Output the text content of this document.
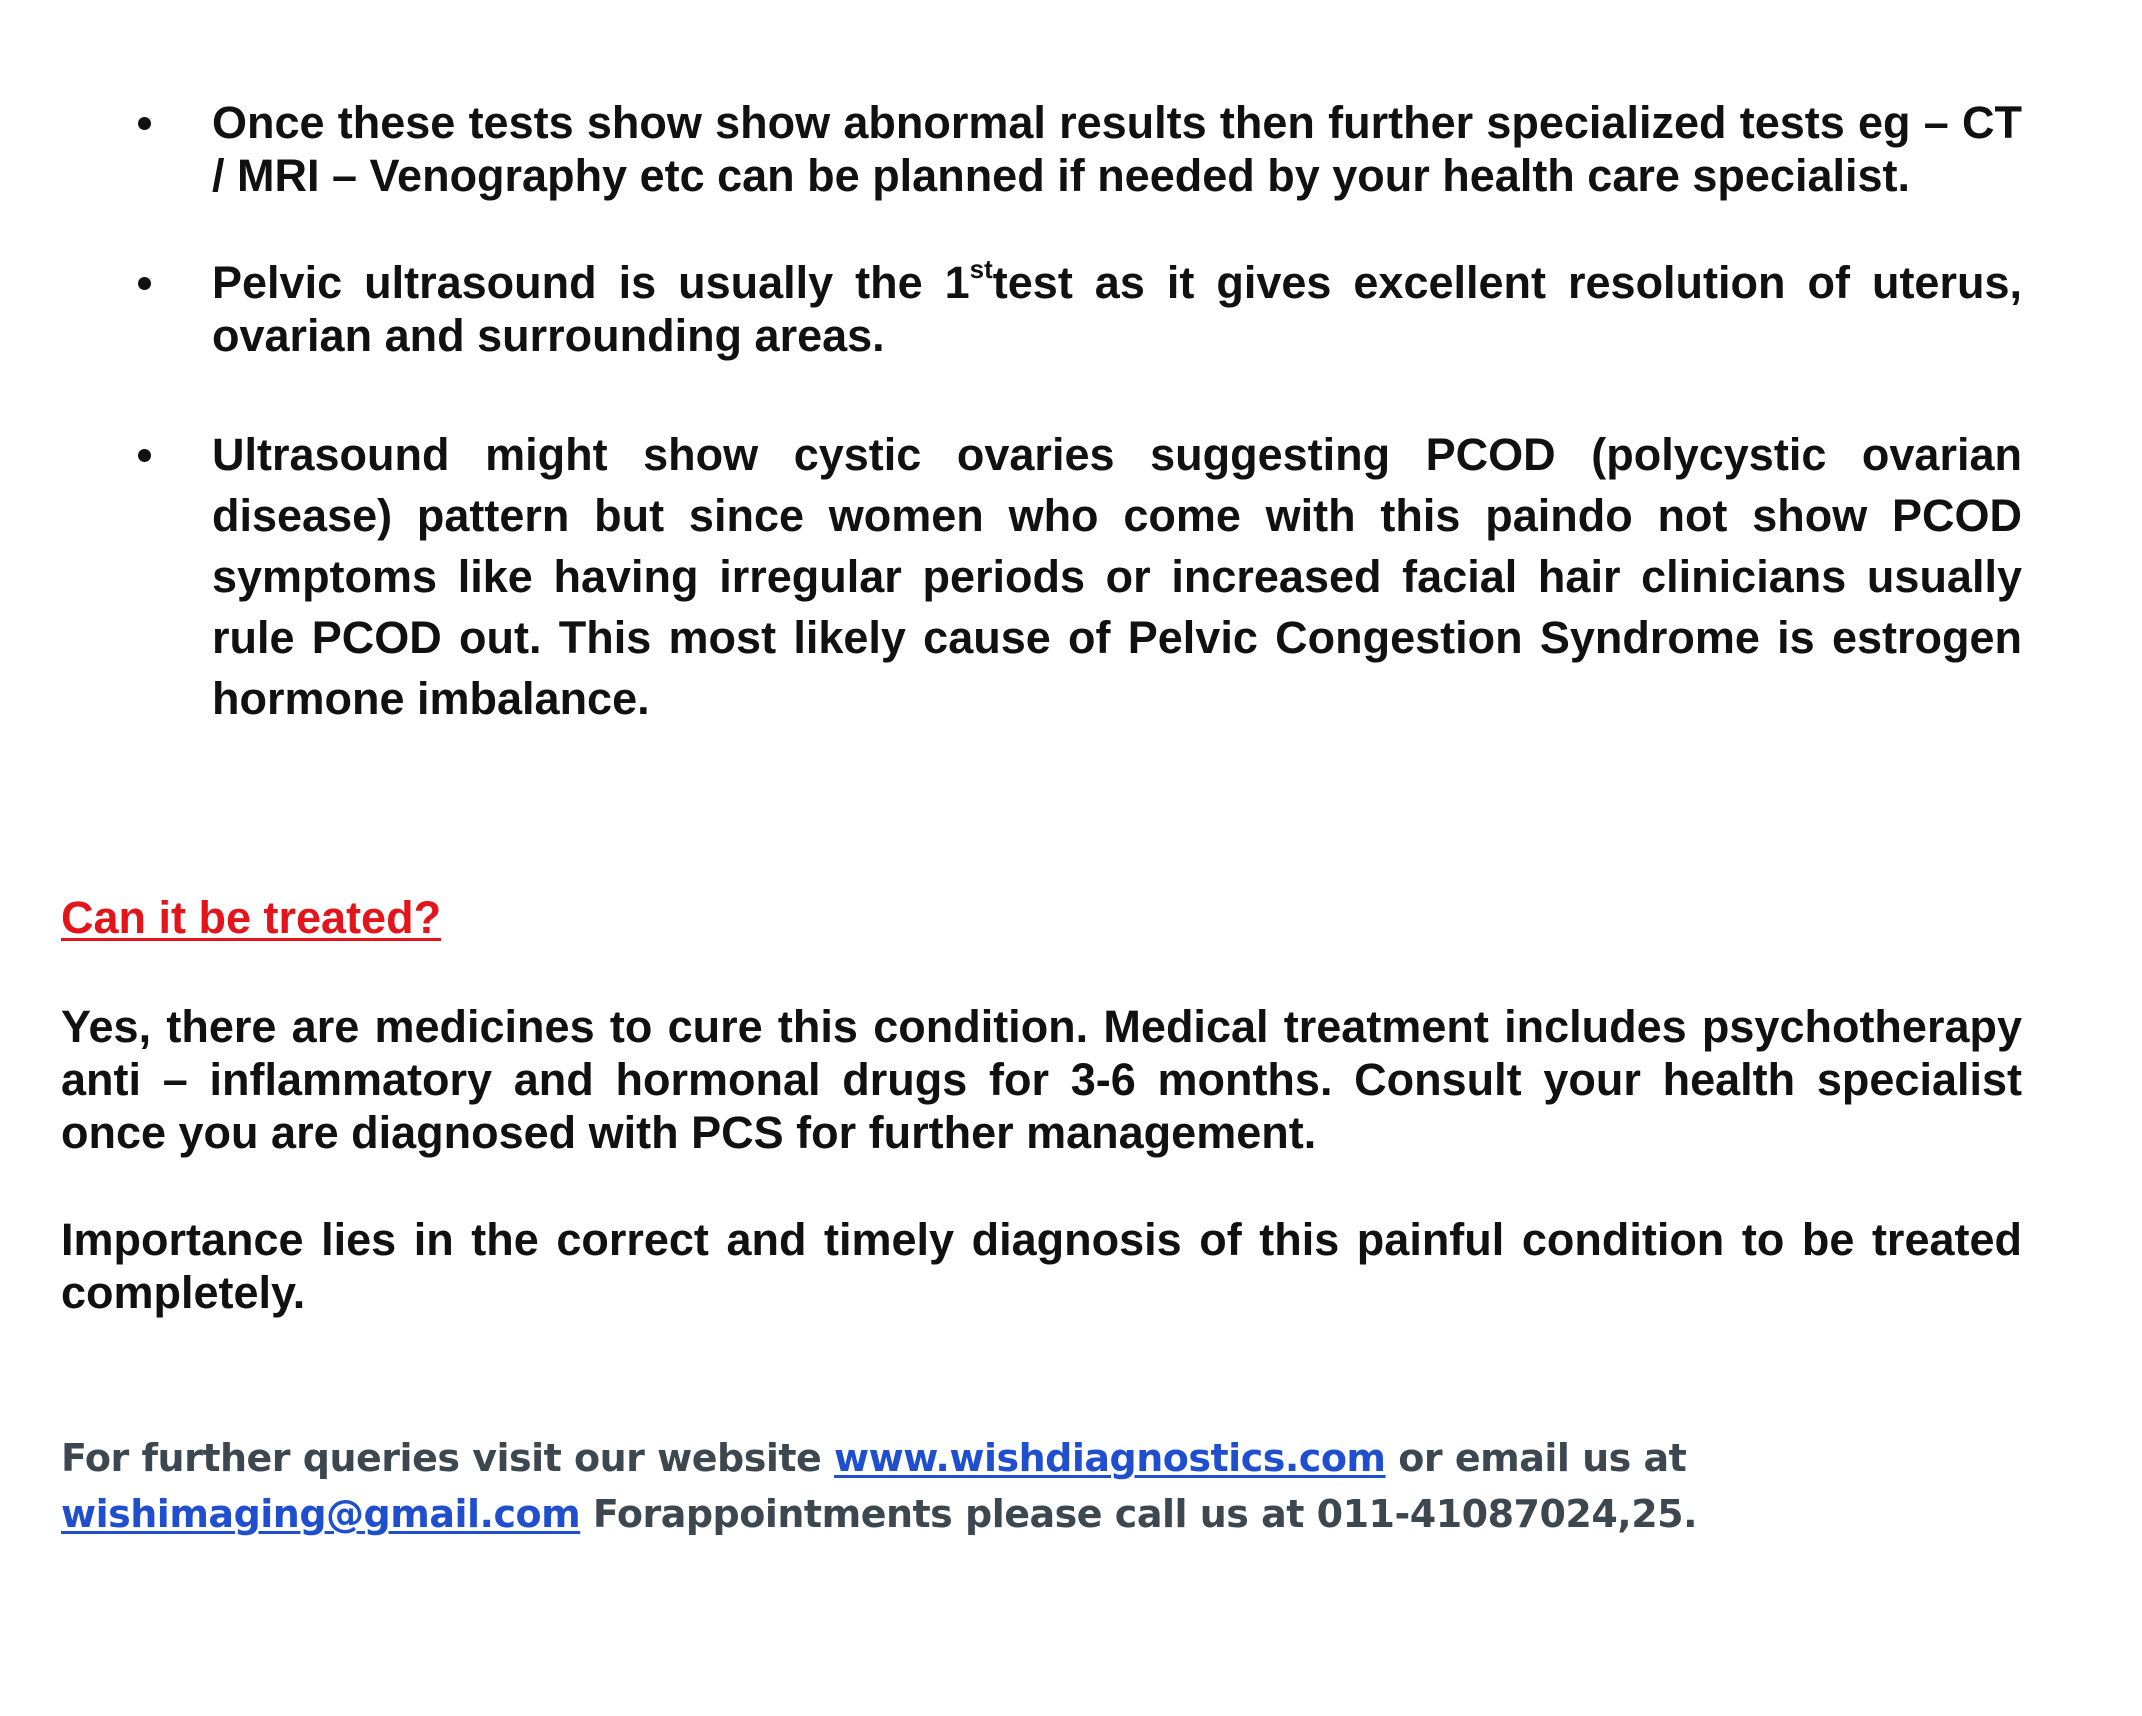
Once these tests show show abnormal results then further specialized tests eg – CT / MRI – Venography etc can be planned if needed by your health care specialist.
Pelvic ultrasound is usually the 1sttest as it gives excellent resolution of uterus, ovarian and surrounding areas.
Ultrasound might show cystic ovaries suggesting PCOD (polycystic ovarian disease) pattern but since women who come with this paindo not show PCOD symptoms like having irregular periods or increased facial hair clinicians usually rule PCOD out. This most likely cause of Pelvic Congestion Syndrome is estrogen hormone imbalance.
Can it be treated?

Yes, there are medicines to cure this condition. Medical treatment includes psychotherapy anti – inflammatory and hormonal drugs for 3-6 months. Consult your health specialist once you are diagnosed with PCS for further management.

Importance lies in the correct and timely diagnosis of this painful condition to be treated completely.

For further queries visit our website www.wishdiagnostics.com or email us at
wishimaging@gmail.com Forappointments please call us at 011-41087024,25.
